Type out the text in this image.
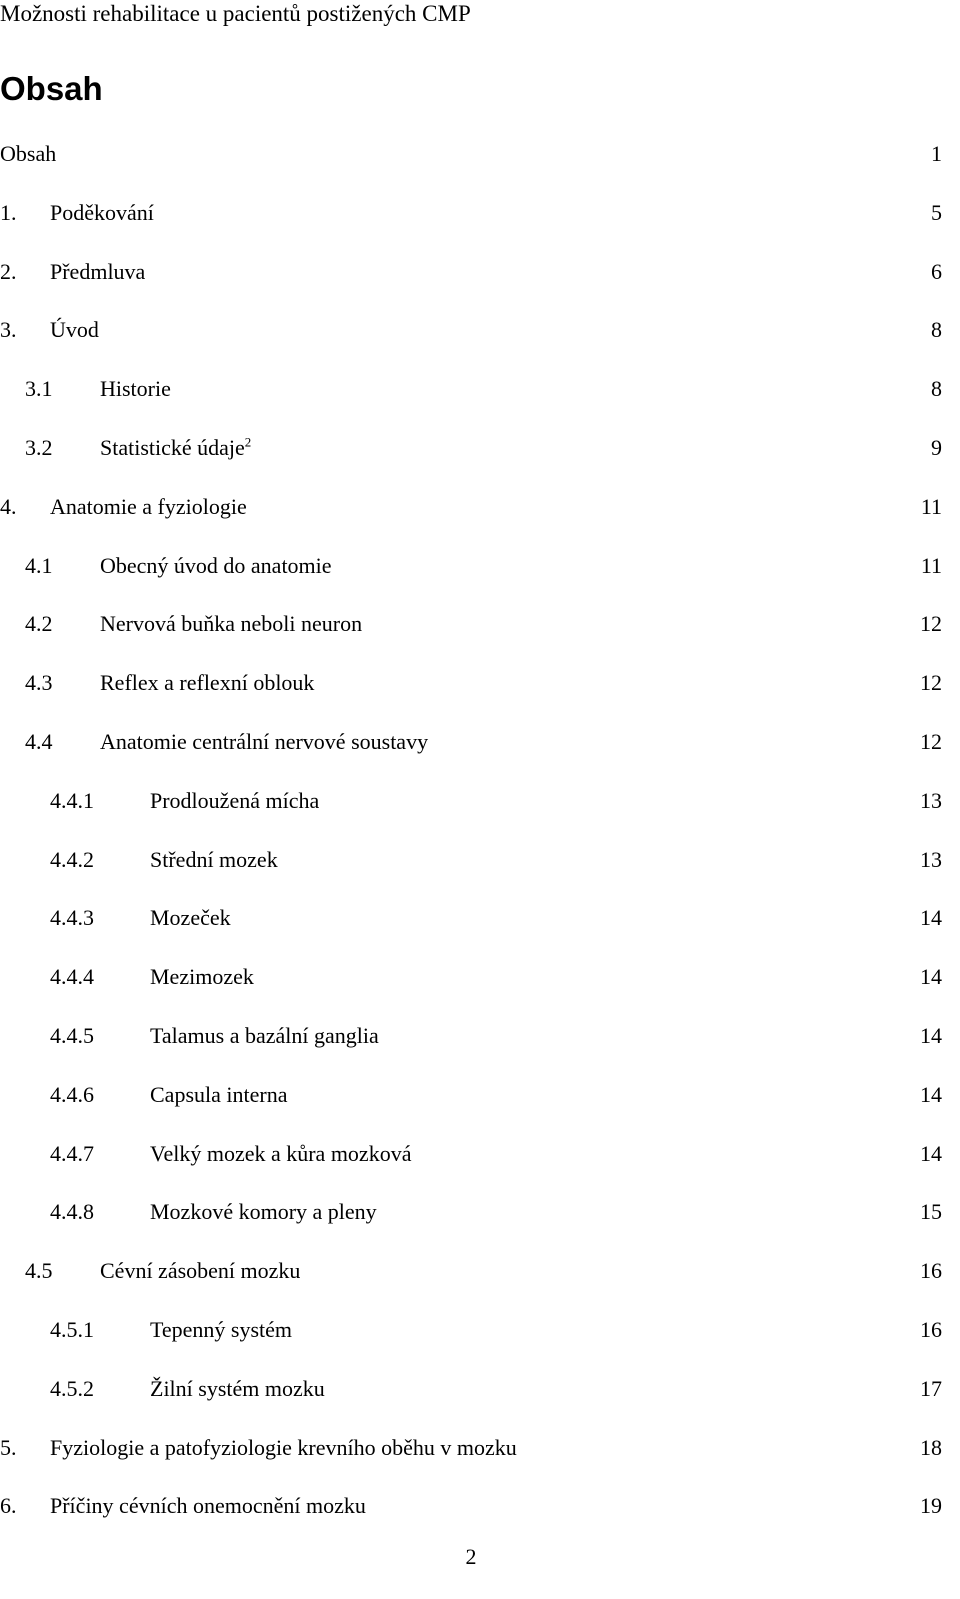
Možnosti rehabilitace u pacientů postižených CMP
Obsah
Obsah	1
1. Poděkování	5
2. Předmluva	6
3. Úvod	8
3.1 Historie	8
3.2 Statistické údaje$^2$	9
4. Anatomie a fyziologie	11
4.1 Obecný úvod do anatomie	11
4.2 Nervová buňka neboli neuron	12
4.3 Reflex a reflexní oblouk	12
4.4 Anatomie centrální nervové soustavy	12
4.4.1	Prodloužená mícha	13
4.4.2	Střední mozek	13
4.4.3	Mozeček	14
4.4.4	Mezimozek	14
4.4.5	Talamus a bazální ganglia	14
4.4.6	Capsula interna	14
4.4.7	Velký mozek a kůra mozková	14
4.4.8	Mozkové komory a pleny	15
4.5 Cévní zásobení mozku	16
4.5.1	Tepenný systém	16
4.5.2	Žilní systém mozku	17
5. Fyziologie a patofyziologie krevního oběhu v mozku	18
6. Příčiny cévních onemocnění mozku	19
2
